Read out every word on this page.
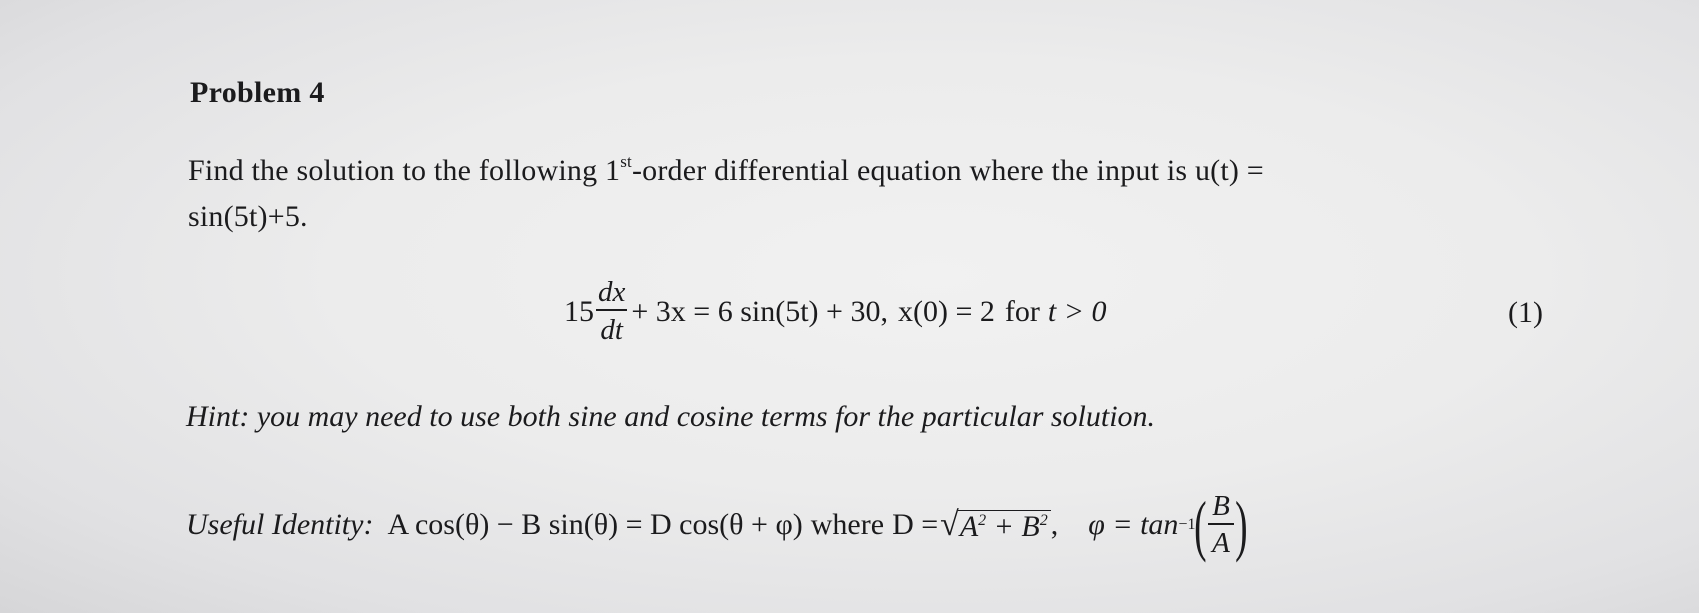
Problem 4
Find the solution to the following 1st-order differential equation where the input is u(t) =
sin(5t)+5.
$15 \frac{dx}{dt} + 3x = 6$ sin(5t) + 30, x(0) = 2 for t > 0	(1)
Hint: you may need to use both sine and cosine terms for the particular solution.
Useful Identity: A cos(θ) − B sin(θ) = D cos(θ + φ) where D = √ $A^2 + B^2$ , φ = tan −1 ( $\frac{B}{A}$ )
